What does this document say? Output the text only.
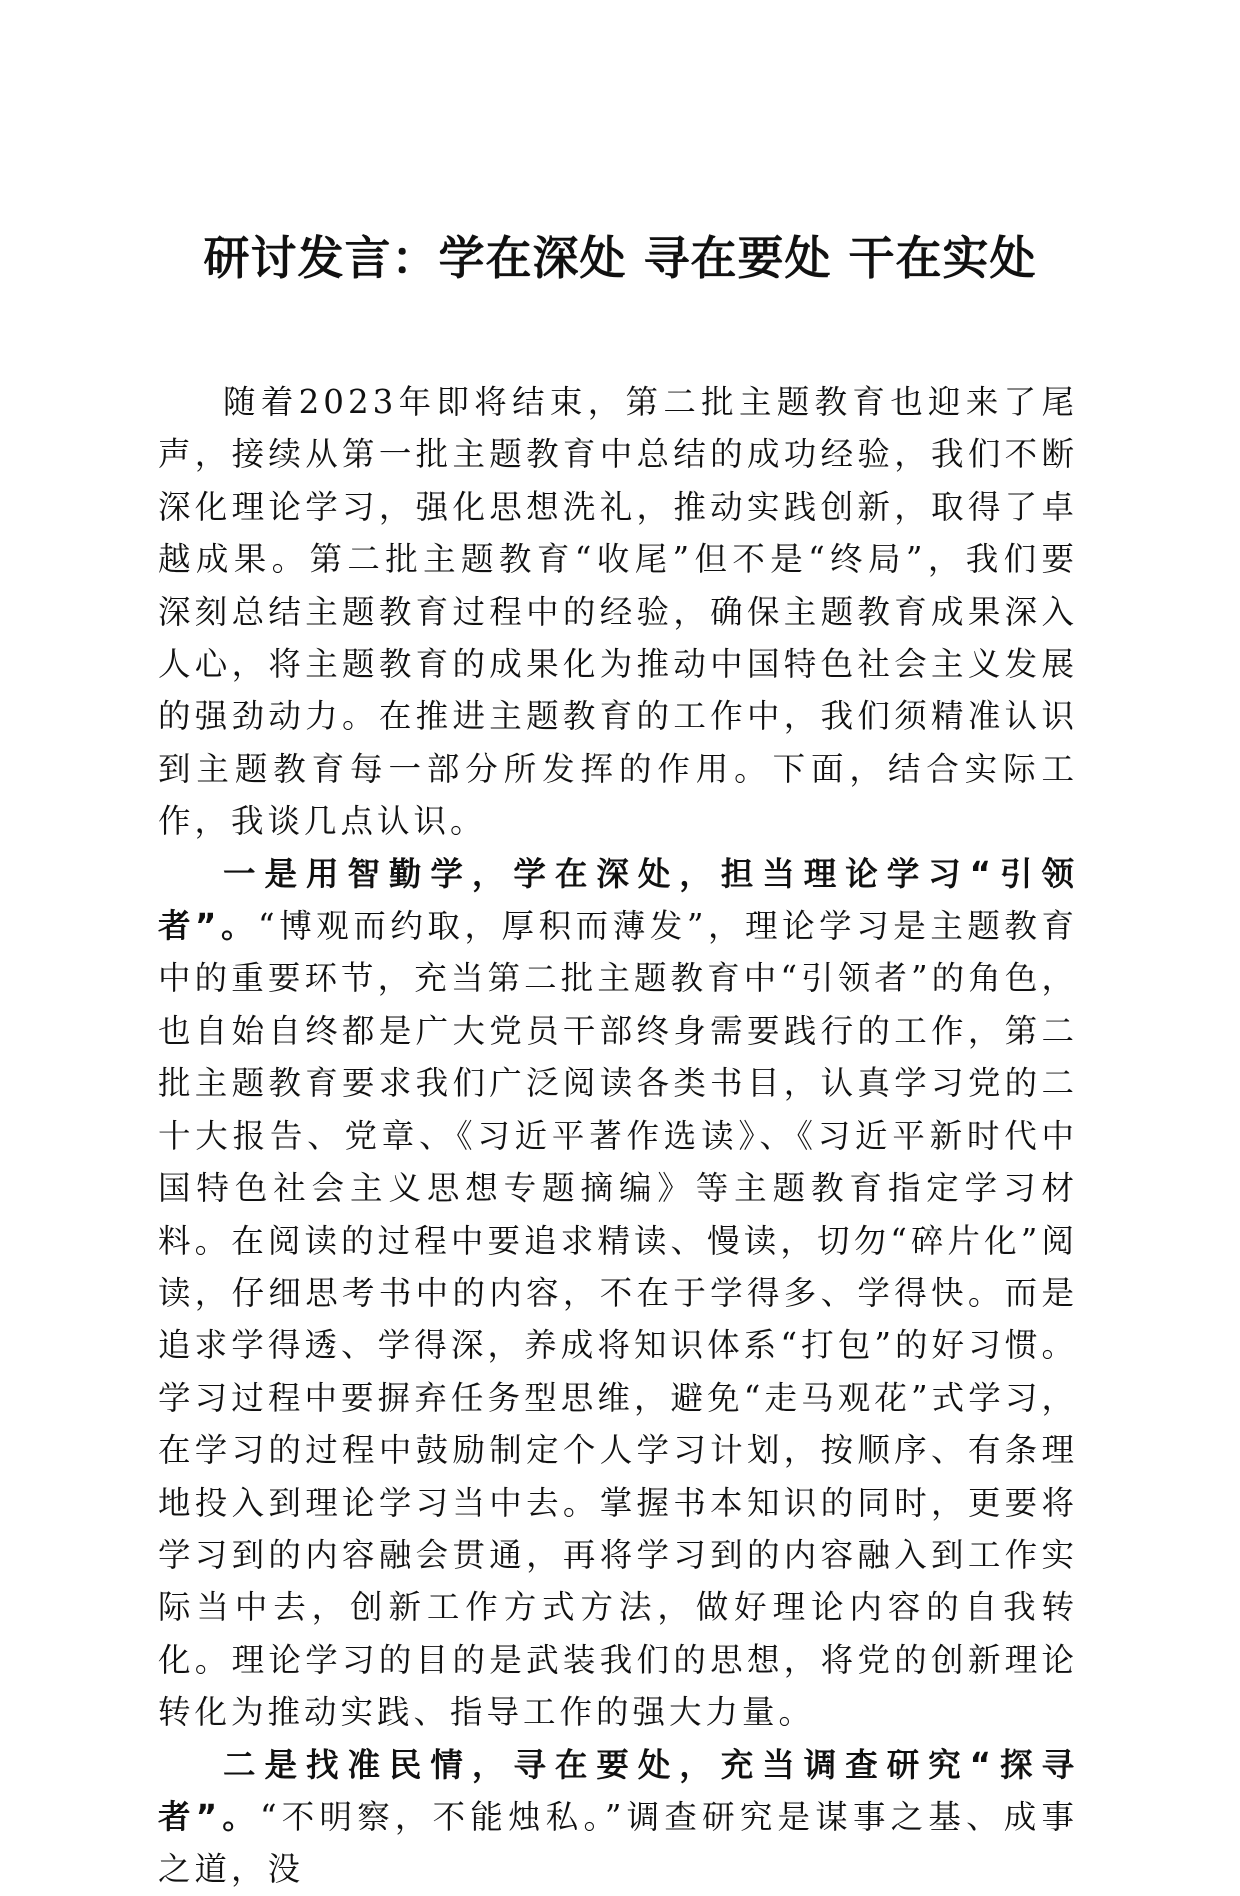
研讨发言：学在深处 寻在要处 干在实处

随着2023年即将结束，第二批主题教育也迎来了尾声，接续从第一批主题教育中总结的成功经验，我们不断深化理论学习，强化思想洗礼，推动实践创新，取得了卓越成果。第二批主题教育“收尾”但不是“终局”，我们要深刻总结主题教育过程中的经验，确保主题教育成果深入人心，将主题教育的成果化为推动中国特色社会主义发展的强劲动力。在推进主题教育的工作中，我们须精准认识到主题教育每一部分所发挥的作用。下面，结合实际工作，我谈几点认识。

一是用智勤学，学在深处，担当理论学习“引领者”。“博观而约取，厚积而薄发”，理论学习是主题教育中的重要环节，充当第二批主题教育中“引领者”的角色，也自始自终都是广大党员干部终身需要践行的工作，第二批主题教育要求我们广泛阅读各类书目，认真学习党的二十大报告、党章、《习近平著作选读》、《习近平新时代中国特色社会主义思想专题摘编》等主题教育指定学习材料。在阅读的过程中要追求精读、慢读，切勿“碎片化”阅读，仔细思考书中的内容，不在于学得多、学得快。而是追求学得透、学得深，养成将知识体系“打包”的好习惯。学习过程中要摒弃任务型思维，避免“走马观花”式学习，在学习的过程中鼓励制定个人学习计划，按顺序、有条理地投入到理论学习当中去。掌握书本知识的同时，更要将学习到的内容融会贯通，再将学习到的内容融入到工作实际当中去，创新工作方式方法，做好理论内容的自我转化。理论学习的目的是武装我们的思想，将党的创新理论转化为推动实践、指导工作的强大力量。

二是找准民情，寻在要处，充当调查研究“探寻者”。“不明察，不能烛私。”调查研究是谋事之基、成事之道，没
